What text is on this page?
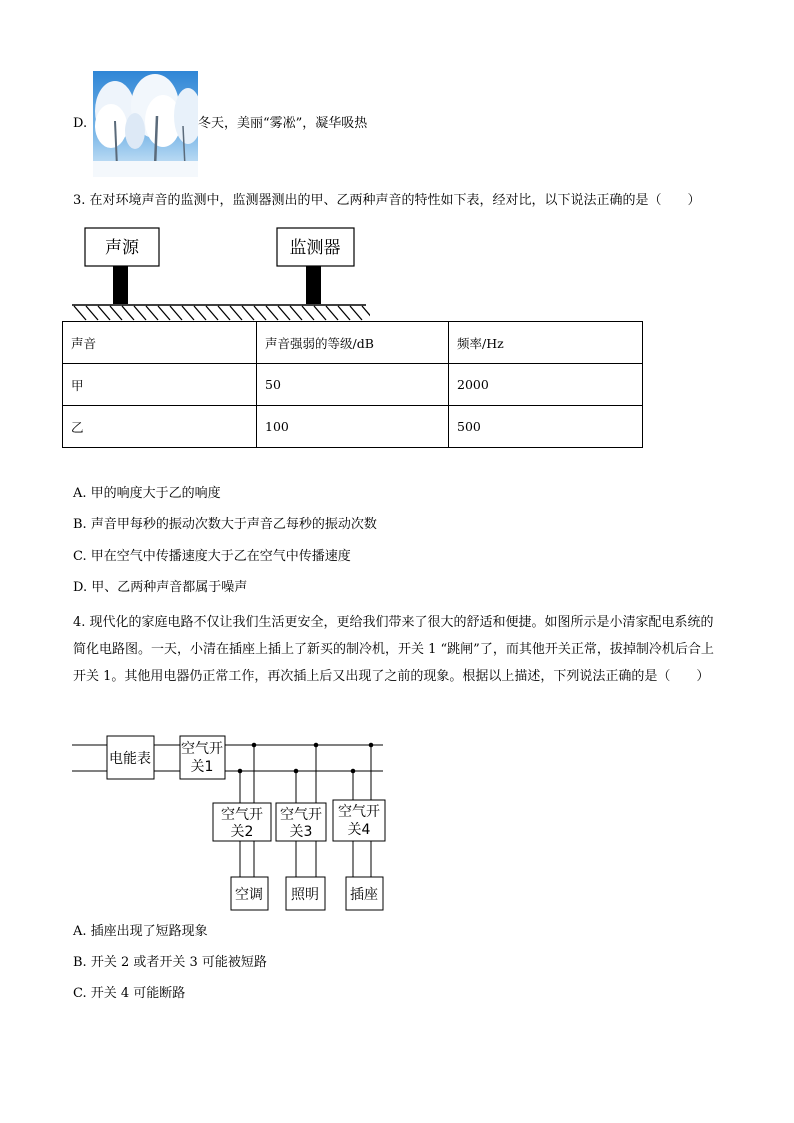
D.	冬天，美丽“雾凇”，凝华吸热
3. 在对环境声音的监测中，监测器测出的甲、乙两种声音的特性如下表，经对比，以下说法正确的是（　　）
声源	监测器
声音	声音强弱的等级/dB	频率/Hz
甲	50	2000
乙	100	500
A. 甲的响度大于乙的响度
B. 声音甲每秒的振动次数大于声音乙每秒的振动次数
C. 甲在空气中传播速度大于乙在空气中传播速度
D. 甲、乙两种声音都属于噪声
4. 现代化的家庭电路不仅让我们生活更安全，更给我们带来了很大的舒适和便捷。如图所示是小清家配电系统的简化电路图。一天，小清在插座上插上了新买的制冷机，开关 1 “跳闸”了，而其他开关正常，拔掉制冷机后合上开关 1。其他用电器仍正常工作，再次插上后又出现了之前的现象。根据以上描述，下列说法正确的是（　　）
电能表
空气开
关1
空气开
关2
空气开
关3
空气开
关4
空调 照明 插座
A. 插座出现了短路现象
B. 开关 2 或者开关 3 可能被短路
C. 开关 4 可能断路
